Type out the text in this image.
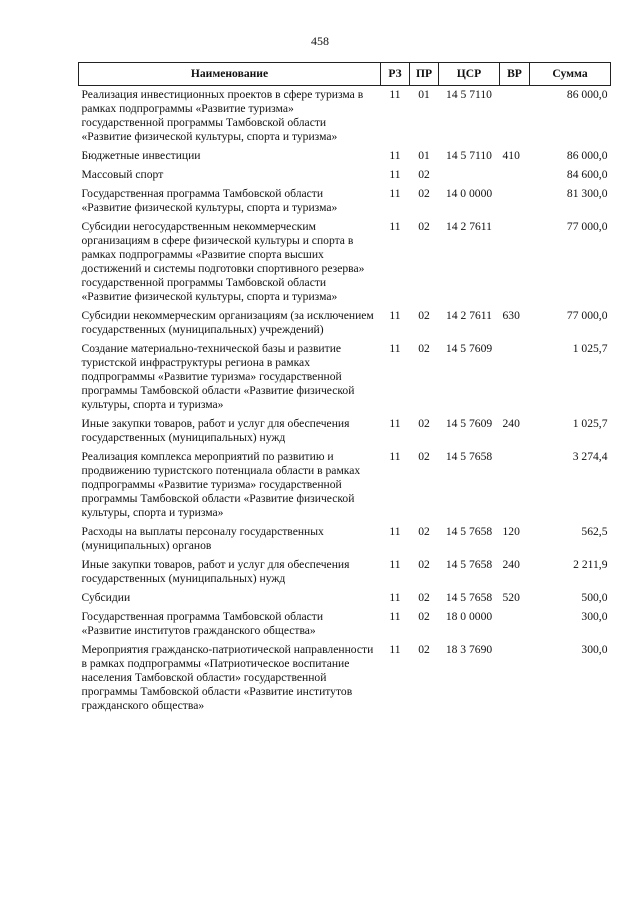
458
Наименование	РЗ	ПР	ЦСР	ВР	Сумма
Реализация инвестиционных проектов в сфере туризма в рамках подпрограммы «Развитие туризма» государственной программы Тамбовской области «Развитие физической культуры, спорта и туризма»	11	01	14 5 7110		86 000,0
Бюджетные инвестиции	11	01	14 5 7110	410	86 000,0
Массовый спорт	11	02			84 600,0
Государственная программа Тамбовской области «Развитие физической культуры, спорта и туризма»	11	02	14 0 0000		81 300,0
Субсидии негосударственным некоммерческим организациям в сфере физической культуры и спорта в рамках подпрограммы «Развитие спорта высших достижений и системы подготовки спортивного резерва» государственной программы Тамбовской области «Развитие физической культуры, спорта и туризма»	11	02	14 2 7611		77 000,0
Субсидии некоммерческим организациям (за исключением государственных (муниципальных) учреждений)	11	02	14 2 7611	630	77 000,0
Создание материально-технической базы и развитие туристской инфраструктуры региона в рамках подпрограммы «Развитие туризма» государственной программы Тамбовской области «Развитие физической культуры, спорта и туризма»	11	02	14 5 7609		1 025,7
Иные закупки товаров, работ и услуг для обеспечения государственных (муниципальных) нужд	11	02	14 5 7609	240	1 025,7
Реализация комплекса мероприятий по развитию и продвижению туристского потенциала области в рамках подпрограммы «Развитие туризма» государственной программы Тамбовской области «Развитие физической культуры, спорта и туризма»	11	02	14 5 7658		3 274,4
Расходы на выплаты персоналу государственных (муниципальных) органов	11	02	14 5 7658	120	562,5
Иные закупки товаров, работ и услуг для обеспечения государственных (муниципальных) нужд	11	02	14 5 7658	240	2 211,9
Субсидии	11	02	14 5 7658	520	500,0
Государственная программа Тамбовской области «Развитие институтов гражданского общества»	11	02	18 0 0000		300,0
Мероприятия гражданско-патриотической направленности в рамках подпрограммы «Патриотическое воспитание населения Тамбовской области» государственной программы Тамбовской области «Развитие институтов гражданского общества»	11	02	18 3 7690		300,0
